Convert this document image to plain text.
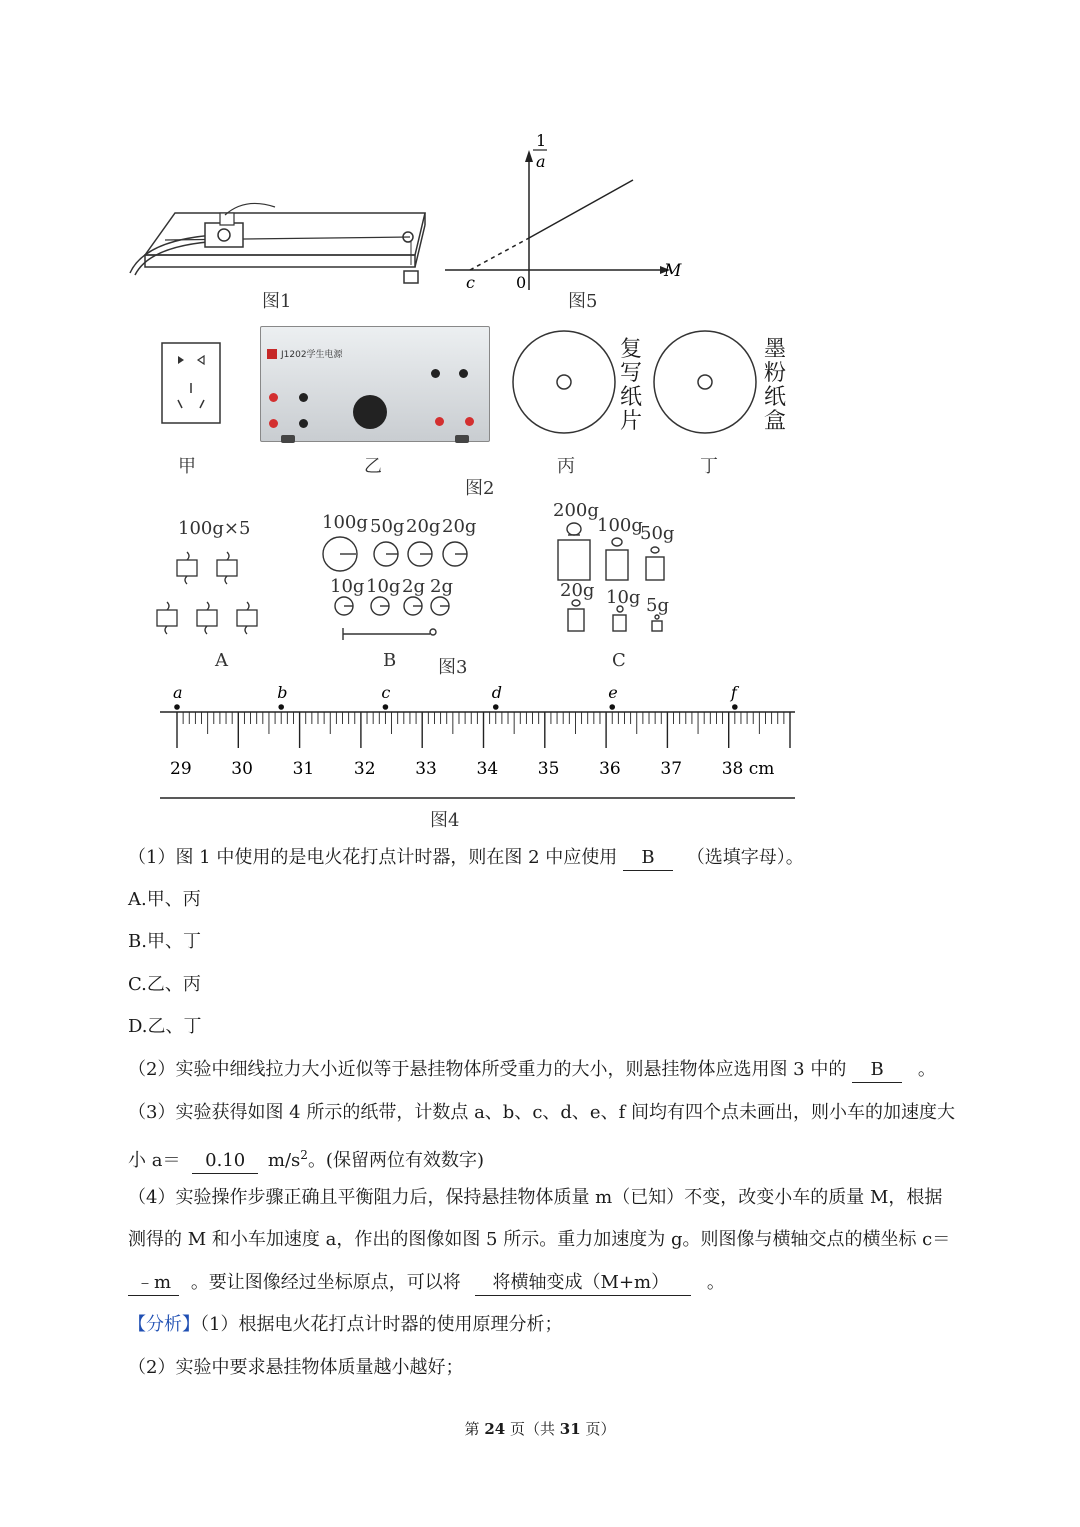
图1
1
a
M
c	0
图5
J1202学生电源	复
写
纸
片
墨
粉
纸
盒
甲	乙	丙	丁
图2
100g×5
A
100g 50g 20g 20g
10g 10g 2g 2g
B 图3
200g
100g
50g
20g 10g 5g
C
29 30 31 32 33 34 35 36 37 38 cm
a	b	c	d	e	f
图4
（1）图 1 中使用的是电火花打点计时器，则在图 2 中应使用 B （选填字母）。
A.甲、丙
B.甲、丁
C.乙、丙
D.乙、丁
（2）实验中细线拉力大小近似等于悬挂物体所受重力的大小，则悬挂物体应选用图 3 中的 B 。
（3）实验获得如图 4 所示的纸带，计数点 a、b、c、d、e、f 间均有四个点未画出，则小车的加速度大
小 a＝ 0.10 $m/s^2$。(保留两位有效数字)
（4）实验操作步骤正确且平衡阻力后，保持悬挂物体质量 m（已知）不变，改变小车的质量 M，根据
测得的 M 和小车加速度 a，作出的图像如图 5 所示。重力加速度为 g。则图像与横轴交点的横坐标 c＝
﹣m 。要让图像经过坐标原点，可以将 将横轴变成（M+m） 。
【分析】（1）根据电火花打点计时器的使用原理分析；
（2）实验中要求悬挂物体质量越小越好；
第 24 页（共 31 页）
